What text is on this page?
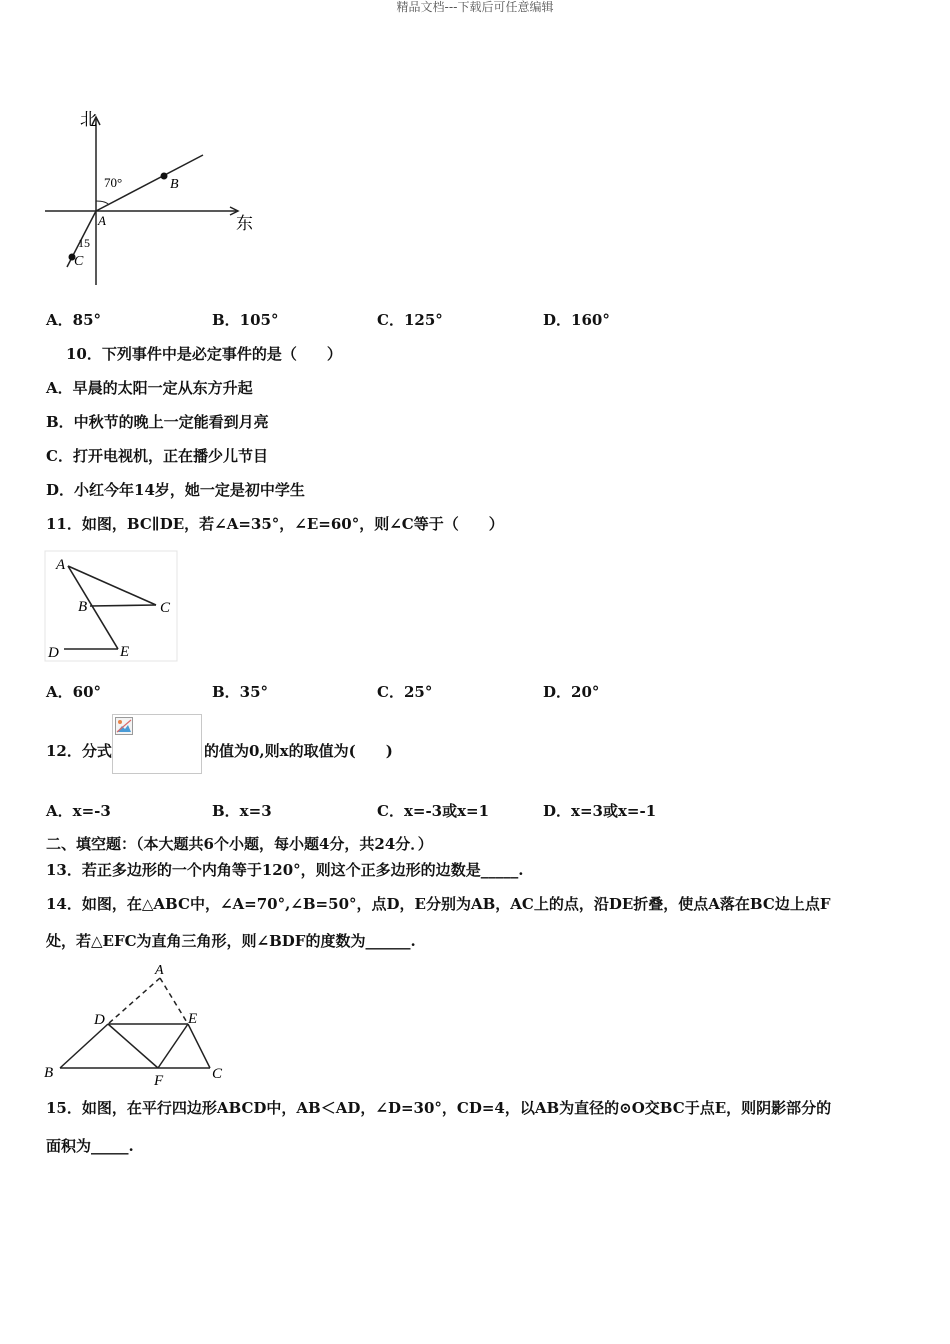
精品文档---下载后可任意编辑
北
东
70°
15
A
B
C
A．85°	B．105°	C．125°	D．160°
10．下列事件中是必定事件的是（　　）
A．早晨的太阳一定从东方升起
B．中秋节的晚上一定能看到月亮
C．打开电视机，正在播少儿节目
D．小红今年14岁，她一定是初中学生
11．如图，BC∥DE，若∠A=35°，∠E=60°，则∠C等于（　　）
A
B	C
D	E
A．60°	B．35°	C．25°	D．20°
12．分式	的值为0,则x的取值为(　　)
A．x=-3	B．x=3	C．x=-3或x=1	D．x=3或x=-1
二、填空题：（本大题共6个小题，每小题4分，共24分．）
13．若正多边形的一个内角等于120°，则这个正多边形的边数是_____.
14．如图，在△ABC中，∠A=70°,∠B=50°，点D，E分别为AB，AC上的点，沿DE折叠，使点A落在BC边上点F
处，若△EFC为直角三角形，则∠BDF的度数为______.
A
B	C
D	E
F
15．如图，在平行四边形ABCD中，AB＜AD，∠D=30°，CD=4，以AB为直径的⊙O交BC于点E，则阴影部分的
面积为_____.
